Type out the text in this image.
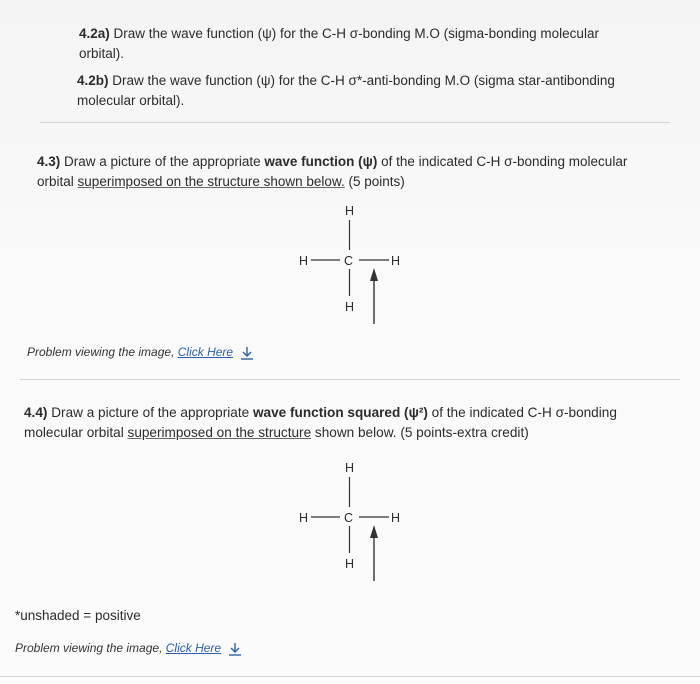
4.2a) Draw the wave function (ψ) for the C-H σ-bonding M.O (sigma-bonding molecular
orbital).
4.2b) Draw the wave function (ψ) for the C-H σ*-anti-bonding M.O (sigma star-antibonding
molecular orbital).
4.3) Draw a picture of the appropriate wave function (ψ) of the indicated C-H σ-bonding molecular
orbital superimposed on the structure shown below. (5 points)
H
H	C	H
H
Problem viewing the image, Click Here
4.4) Draw a picture of the appropriate wave function squared (ψ²) of the indicated C-H σ-bonding
molecular orbital superimposed on the structure shown below. (5 points-extra credit)
H
H	C	H
H
*unshaded = positive
Problem viewing the image, Click Here
